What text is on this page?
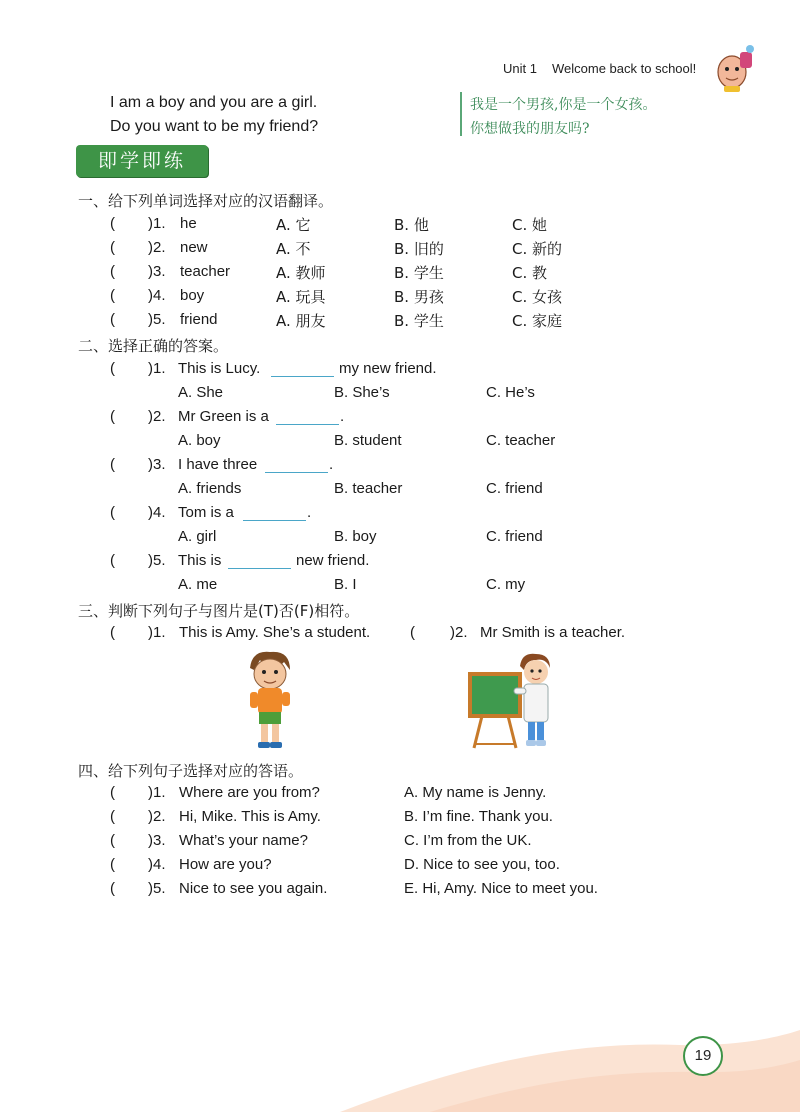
Unit 1 Welcome back to school!
I am a boy and you are a girl.
Do you want to be my friend?
我是一个男孩,你是一个女孩。
你想做我的朋友吗?
即学即练
一、给下列单词选择对应的汉语翻译。
( )1. he	A. 它	B. 他	C. 她
( )2. new	A. 不	B. 旧的	C. 新的
( )3. teacher	A. 教师	B. 学生	C. 教
( )4. boy	A. 玩具	B. 男孩	C. 女孩
( )5. friend	A. 朋友	B. 学生	C. 家庭
二、选择正确的答案。
( )1. This is Lucy.	my new friend.
A. She	B. She’s	C. He’s
( )2. Mr Green is a	.
A. boy	B. student	C. teacher
( )3. I have three	.
A. friends	B. teacher	C. friend
( )4. Tom is a	.
A. girl	B. boy	C. friend
( )5. This is	new friend.
A. me	B. I	C. my
三、判断下列句子与图片是(T)否(F)相符。
( )1. This is Amy. She’s a student.	( )2. Mr Smith is a teacher.
四、给下列句子选择对应的答语。
( )1. Where are you from?	A. My name is Jenny.
( )2. Hi, Mike. This is Amy.	B. I’m fine. Thank you.
( )3. What’s your name?	C. I’m from the UK.
( )4. How are you?	D. Nice to see you, too.
( )5. Nice to see you again.	E. Hi, Amy. Nice to meet you.
19
